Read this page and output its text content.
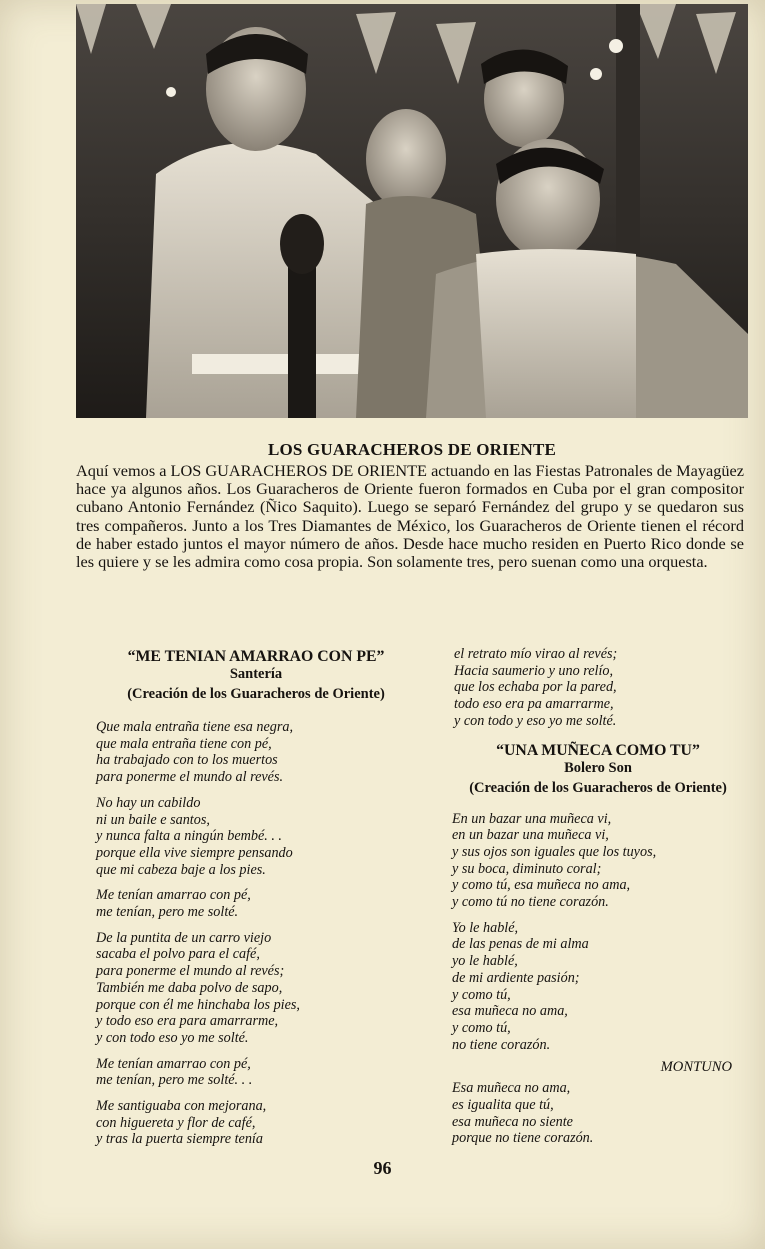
LOS GUARACHEROS DE ORIENTE

Aquí vemos a LOS GUARACHEROS DE ORIENTE actuando en las Fiestas Patronales de Mayagüez hace ya algunos años. Los Guaracheros de Oriente fueron formados en Cuba por el gran compositor cubano Antonio Fernández (Ñico Saquito). Luego se separó Fernández del grupo y se quedaron sus tres compañeros. Junto a los Tres Diamantes de México, los Guaracheros de Oriente tienen el récord de haber estado juntos el mayor número de años. Desde hace mucho residen en Puerto Rico donde se les quiere y se les admira como cosa propia. Son solamente tres, pero suenan como una orquesta.

“ME TENIAN AMARRAO CON PE”

Santería

(Creación de los Guaracheros de Oriente)

Que mala entraña tiene esa negra,
que mala entraña tiene con pé,
ha trabajado con to los muertos
para ponerme el mundo al revés.

No hay un cabildo
ni un baile e santos,
y nunca falta a ningún bembé. . .
porque ella vive siempre pensando
que mi cabeza baje a los pies.

Me tenían amarrao con pé,
me tenían, pero me solté.

De la puntita de un carro viejo
sacaba el polvo para el café,
para ponerme el mundo al revés;
También me daba polvo de sapo,
porque con él me hinchaba los pies,
y todo eso era para amarrarme,
y con todo eso yo me solté.

Me tenían amarrao con pé,
me tenían, pero me solté. . .

Me santiguaba con mejorana,
con higuereta y flor de café,
y tras la puerta siempre tenía

el retrato mío virao al revés;
Hacia saumerio y uno relío,
que los echaba por la pared,
todo eso era pa amarrarme,
y con todo y eso yo me solté.

“UNA MUÑECA COMO TU”

Bolero Son

(Creación de los Guaracheros de Oriente)

En un bazar una muñeca vi,
en un bazar una muñeca vi,
y sus ojos son iguales que los tuyos,
y su boca, diminuto coral;
y como tú, esa muñeca no ama,
y como tú no tiene corazón.

Yo le hablé,
de las penas de mi alma
yo le hablé,
de mi ardiente pasión;
y como tú,
esa muñeca no ama,
y como tú,
no tiene corazón.

MONTUNO

Esa muñeca no ama,
es igualita que tú,
esa muñeca no siente
porque no tiene corazón.

96
